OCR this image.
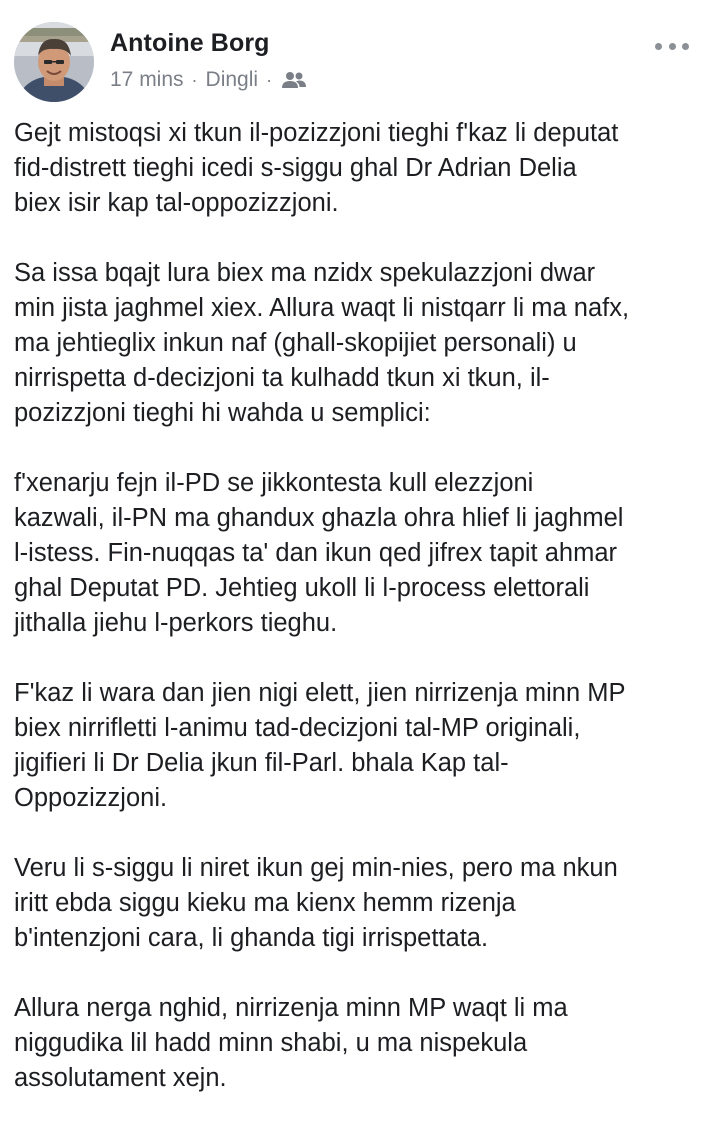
Antoine Borg
17 mins · Dingli ·

Gejt mistoqsi xi tkun il-pozizzjoni tieghi f'kaz li deputat
fid-distrett tieghi icedi s-siggu ghal Dr Adrian Delia
biex isir kap tal-oppozizzjoni.

Sa issa bqajt lura biex ma nzidx spekulazzjoni dwar
min jista jaghmel xiex. Allura waqt li nistqarr li ma nafx,
ma jehtieglix inkun naf (ghall-skopijiet personali) u
nirrispetta d-decizjoni ta kulhadd tkun xi tkun, il-
pozizzjoni tieghi hi wahda u semplici:

f'xenarju fejn il-PD se jikkontesta kull elezzjoni
kazwali, il-PN ma ghandux ghazla ohra hlief li jaghmel
l-istess. Fin-nuqqas ta' dan ikun qed jifrex tapit ahmar
ghal Deputat PD. Jehtieg ukoll li l-process elettorali
jithalla jiehu l-perkors tieghu.

F'kaz li wara dan jien nigi elett, jien nirrizenja minn MP
biex nirrifletti l-animu tad-decizjoni tal-MP originali,
jigifieri li Dr Delia jkun fil-Parl. bhala Kap tal-
Oppozizzjoni.

Veru li s-siggu li niret ikun gej min-nies, pero ma nkun
iritt ebda siggu kieku ma kienx hemm rizenja
b'intenzjoni cara, li ghanda tigi irrispettata.

Allura nerga nghid, nirrizenja minn MP waqt li ma
niggudika lil hadd minn shabi, u ma nispekula
assolutament xejn.
